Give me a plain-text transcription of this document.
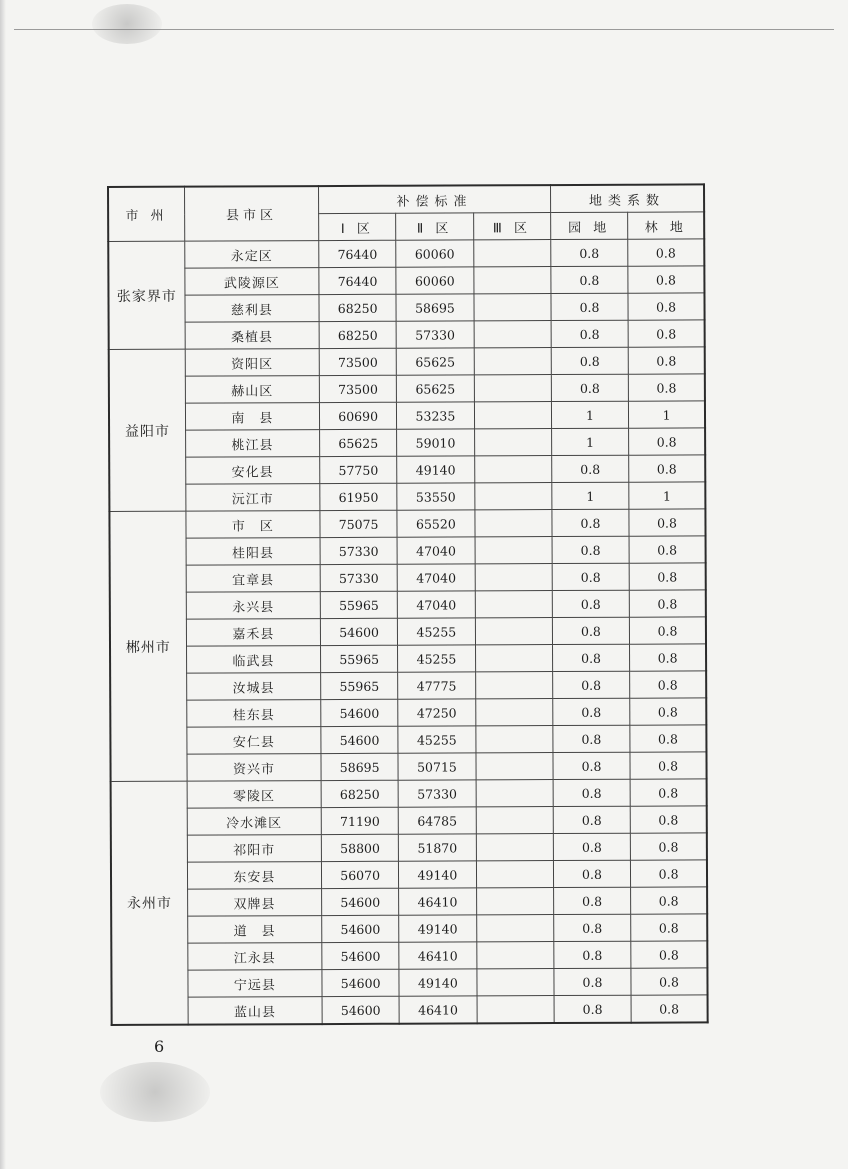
市 州	县市区	补偿标准			地类系数	
		Ⅰ 区	Ⅱ 区	Ⅲ 区	园 地	林 地
张家界市	永定区	76440	60060		0.8	0.8
	武陵源区	76440	60060		0.8	0.8
	慈利县	68250	58695		0.8	0.8
	桑植县	68250	57330		0.8	0.8
益阳市	资阳区	73500	65625		0.8	0.8
	赫山区	73500	65625		0.8	0.8
	南　县	60690	53235		1	1
	桃江县	65625	59010		1	0.8
	安化县	57750	49140		0.8	0.8
	沅江市	61950	53550		1	1
郴州市	市　区	75075	65520		0.8	0.8
	桂阳县	57330	47040		0.8	0.8
	宜章县	57330	47040		0.8	0.8
	永兴县	55965	47040		0.8	0.8
	嘉禾县	54600	45255		0.8	0.8
	临武县	55965	45255		0.8	0.8
	汝城县	55965	47775		0.8	0.8
	桂东县	54600	47250		0.8	0.8
	安仁县	54600	45255		0.8	0.8
	资兴市	58695	50715		0.8	0.8
永州市	零陵区	68250	57330		0.8	0.8
	冷水滩区	71190	64785		0.8	0.8
	祁阳市	58800	51870		0.8	0.8
	东安县	56070	49140		0.8	0.8
	双牌县	54600	46410		0.8	0.8
	道　县	54600	49140		0.8	0.8
	江永县	54600	46410		0.8	0.8
	宁远县	54600	49140		0.8	0.8
	蓝山县	54600	46410		0.8	0.8
6
